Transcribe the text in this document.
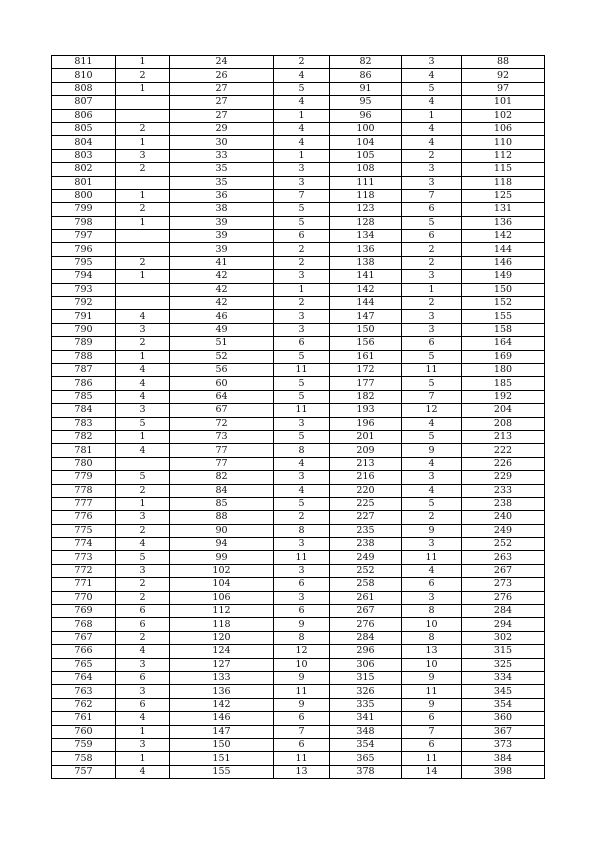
811	1	24	2	82	3	88
810	2	26	4	86	4	92
808	1	27	5	91	5	97
807		27	4	95	4	101
806		27	1	96	1	102
805	2	29	4	100	4	106
804	1	30	4	104	4	110
803	3	33	1	105	2	112
802	2	35	3	108	3	115
801		35	3	111	3	118
800	1	36	7	118	7	125
799	2	38	5	123	6	131
798	1	39	5	128	5	136
797		39	6	134	6	142
796		39	2	136	2	144
795	2	41	2	138	2	146
794	1	42	3	141	3	149
793		42	1	142	1	150
792		42	2	144	2	152
791	4	46	3	147	3	155
790	3	49	3	150	3	158
789	2	51	6	156	6	164
788	1	52	5	161	5	169
787	4	56	11	172	11	180
786	4	60	5	177	5	185
785	4	64	5	182	7	192
784	3	67	11	193	12	204
783	5	72	3	196	4	208
782	1	73	5	201	5	213
781	4	77	8	209	9	222
780		77	4	213	4	226
779	5	82	3	216	3	229
778	2	84	4	220	4	233
777	1	85	5	225	5	238
776	3	88	2	227	2	240
775	2	90	8	235	9	249
774	4	94	3	238	3	252
773	5	99	11	249	11	263
772	3	102	3	252	4	267
771	2	104	6	258	6	273
770	2	106	3	261	3	276
769	6	112	6	267	8	284
768	6	118	9	276	10	294
767	2	120	8	284	8	302
766	4	124	12	296	13	315
765	3	127	10	306	10	325
764	6	133	9	315	9	334
763	3	136	11	326	11	345
762	6	142	9	335	9	354
761	4	146	6	341	6	360
760	1	147	7	348	7	367
759	3	150	6	354	6	373
758	1	151	11	365	11	384
757	4	155	13	378	14	398
